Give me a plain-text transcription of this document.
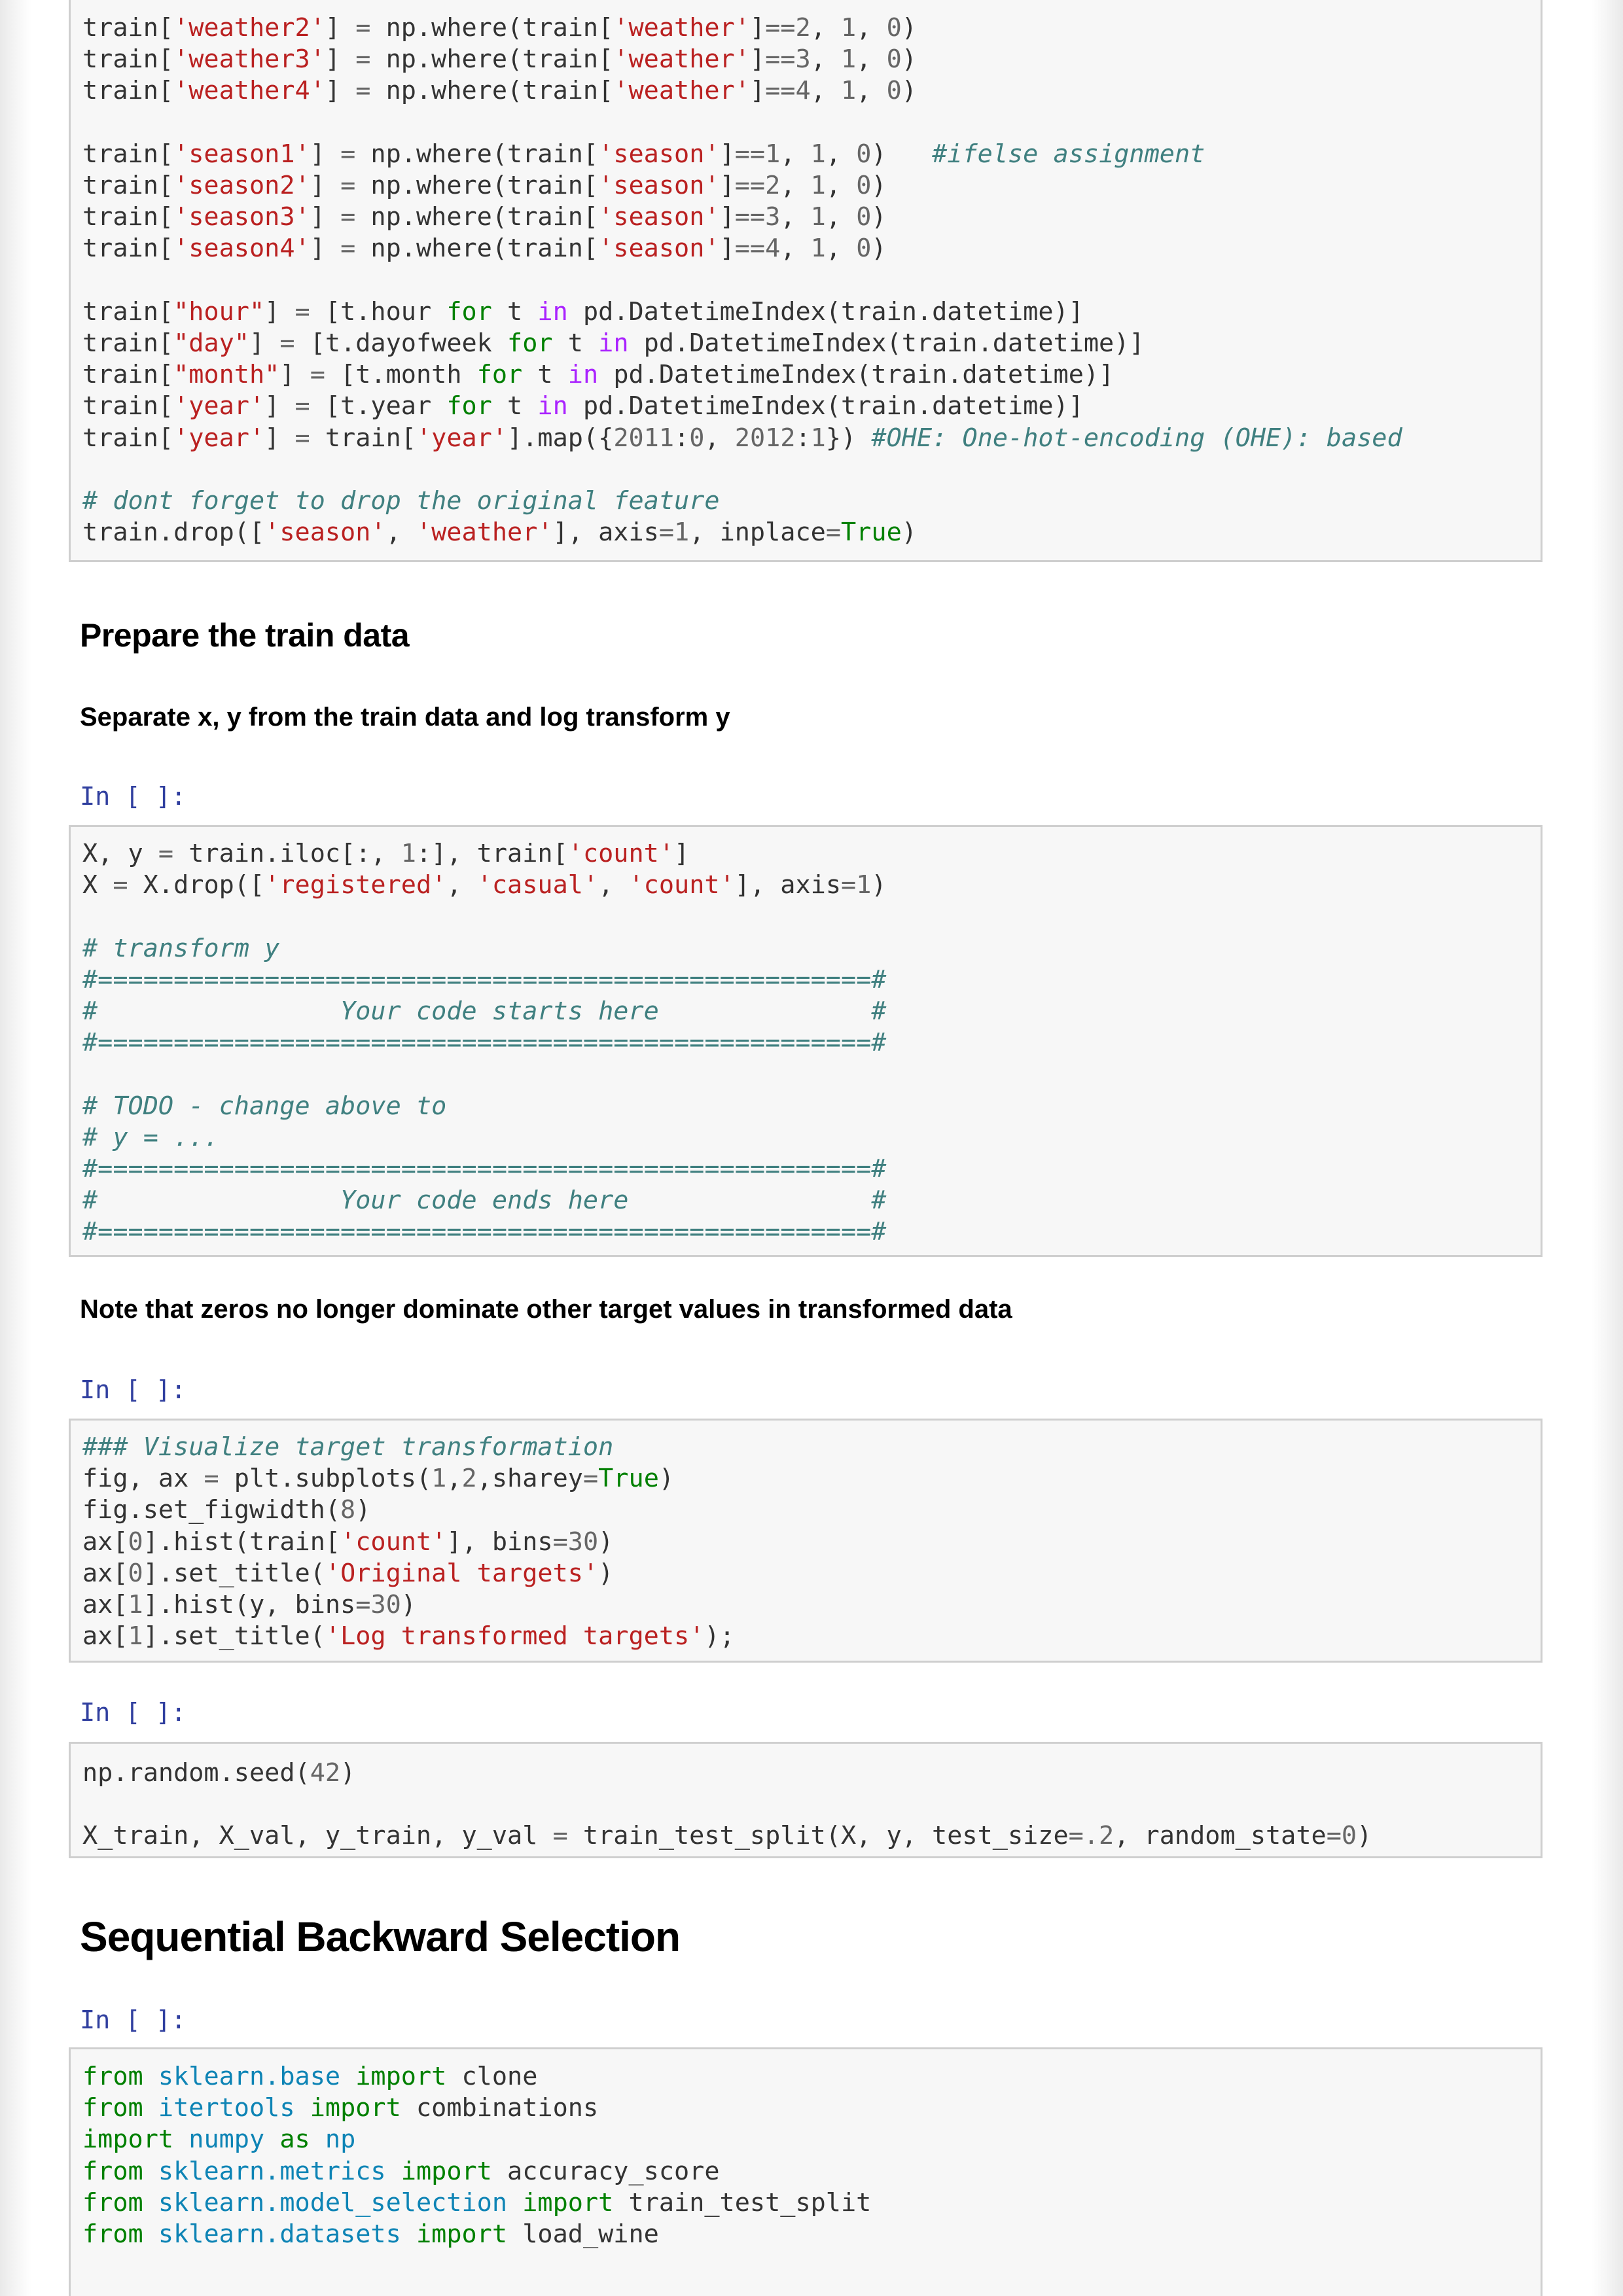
train['weather2'] = np.where(train['weather']==2, 1, 0)
train['weather3'] = np.where(train['weather']==3, 1, 0)
train['weather4'] = np.where(train['weather']==4, 1, 0)

train['season1'] = np.where(train['season']==1, 1, 0)   #ifelse assignment
train['season2'] = np.where(train['season']==2, 1, 0)
train['season3'] = np.where(train['season']==3, 1, 0)
train['season4'] = np.where(train['season']==4, 1, 0)

train["hour"] = [t.hour for t in pd.DatetimeIndex(train.datetime)]
train["day"] = [t.dayofweek for t in pd.DatetimeIndex(train.datetime)]
train["month"] = [t.month for t in pd.DatetimeIndex(train.datetime)]
train['year'] = [t.year for t in pd.DatetimeIndex(train.datetime)]
train['year'] = train['year'].map({2011:0, 2012:1}) #OHE: One-hot-encoding (OHE): based

# dont forget to drop the original feature
train.drop(['season', 'weather'], axis=1, inplace=True)
Prepare the train data
Separate x, y from the train data and log transform y
In [ ]:
X, y = train.iloc[:, 1:], train['count']
X = X.drop(['registered', 'casual', 'count'], axis=1)

# transform y
#===================================================#
#                Your code starts here              #
#===================================================#

# TODO - change above to
# y = ...
#===================================================#
#                Your code ends here                #
#===================================================#
Note that zeros no longer dominate other target values in transformed data
In [ ]:
### Visualize target transformation
fig, ax = plt.subplots(1,2,sharey=True)
fig.set_figwidth(8)
ax[0].hist(train['count'], bins=30)
ax[0].set_title('Original targets')
ax[1].hist(y, bins=30)
ax[1].set_title('Log transformed targets');
In [ ]:
np.random.seed(42)

X_train, X_val, y_train, y_val = train_test_split(X, y, test_size=.2, random_state=0)
Sequential Backward Selection
In [ ]:
from sklearn.base import clone
from itertools import combinations
import numpy as np
from sklearn.metrics import accuracy_score
from sklearn.model_selection import train_test_split
from sklearn.datasets import load_wine
